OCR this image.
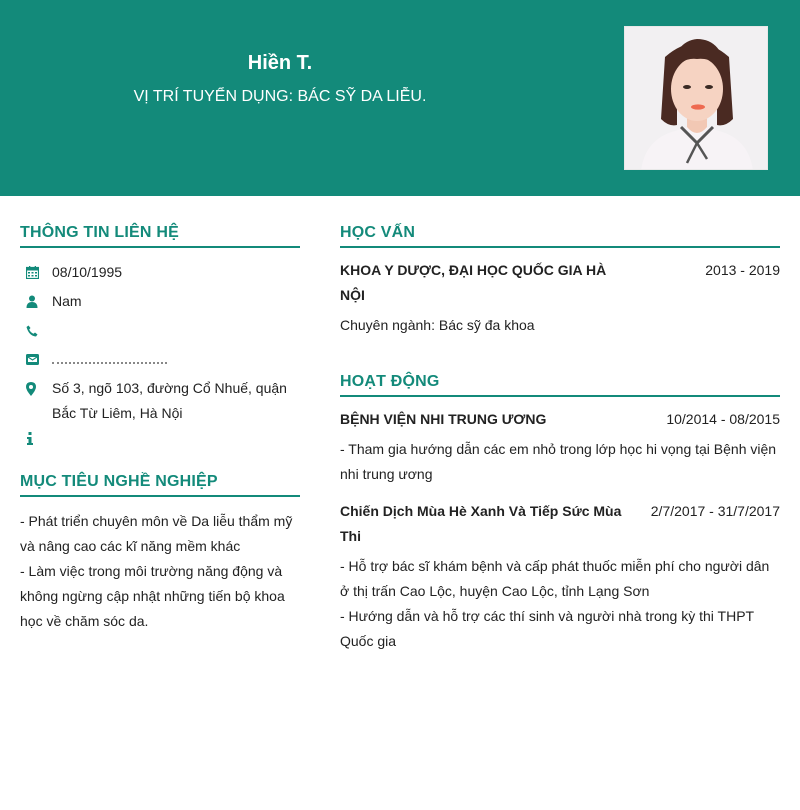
Hiền T.
VỊ TRÍ TUYỂN DỤNG: BÁC SỸ DA LIỄU.
THÔNG TIN LIÊN HỆ
08/10/1995
Nam
Số 3, ngõ 103, đường Cổ Nhuế, quận Bắc Từ Liêm, Hà Nội
MỤC TIÊU NGHỀ NGHIỆP
- Phát triển chuyên môn về Da liễu thẩm mỹ và nâng cao các kĩ năng mềm khác
- Làm việc trong môi trường năng động và không ngừng cập nhật những tiến bộ khoa học về chăm sóc da.
HỌC VẤN
KHOA Y DƯỢC, ĐẠI HỌC QUỐC GIA HÀ NỘI
2013 - 2019
Chuyên ngành: Bác sỹ đa khoa
HOẠT ĐỘNG
BỆNH VIỆN NHI TRUNG ƯƠNG	10/2014 - 08/2015
- Tham gia hướng dẫn các em nhỏ trong lớp học hi vọng tại Bệnh viện nhi trung ương
Chiến Dịch Mùa Hè Xanh Và Tiếp Sức Mùa Thi
2/7/2017 - 31/7/2017
- Hỗ trợ bác sĩ khám bệnh và cấp phát thuốc miễn phí cho người dân ở thị trấn Cao Lộc, huyện Cao Lộc, tỉnh Lạng Sơn
- Hướng dẫn và hỗ trợ các thí sinh và người nhà trong kỳ thi THPT Quốc gia
